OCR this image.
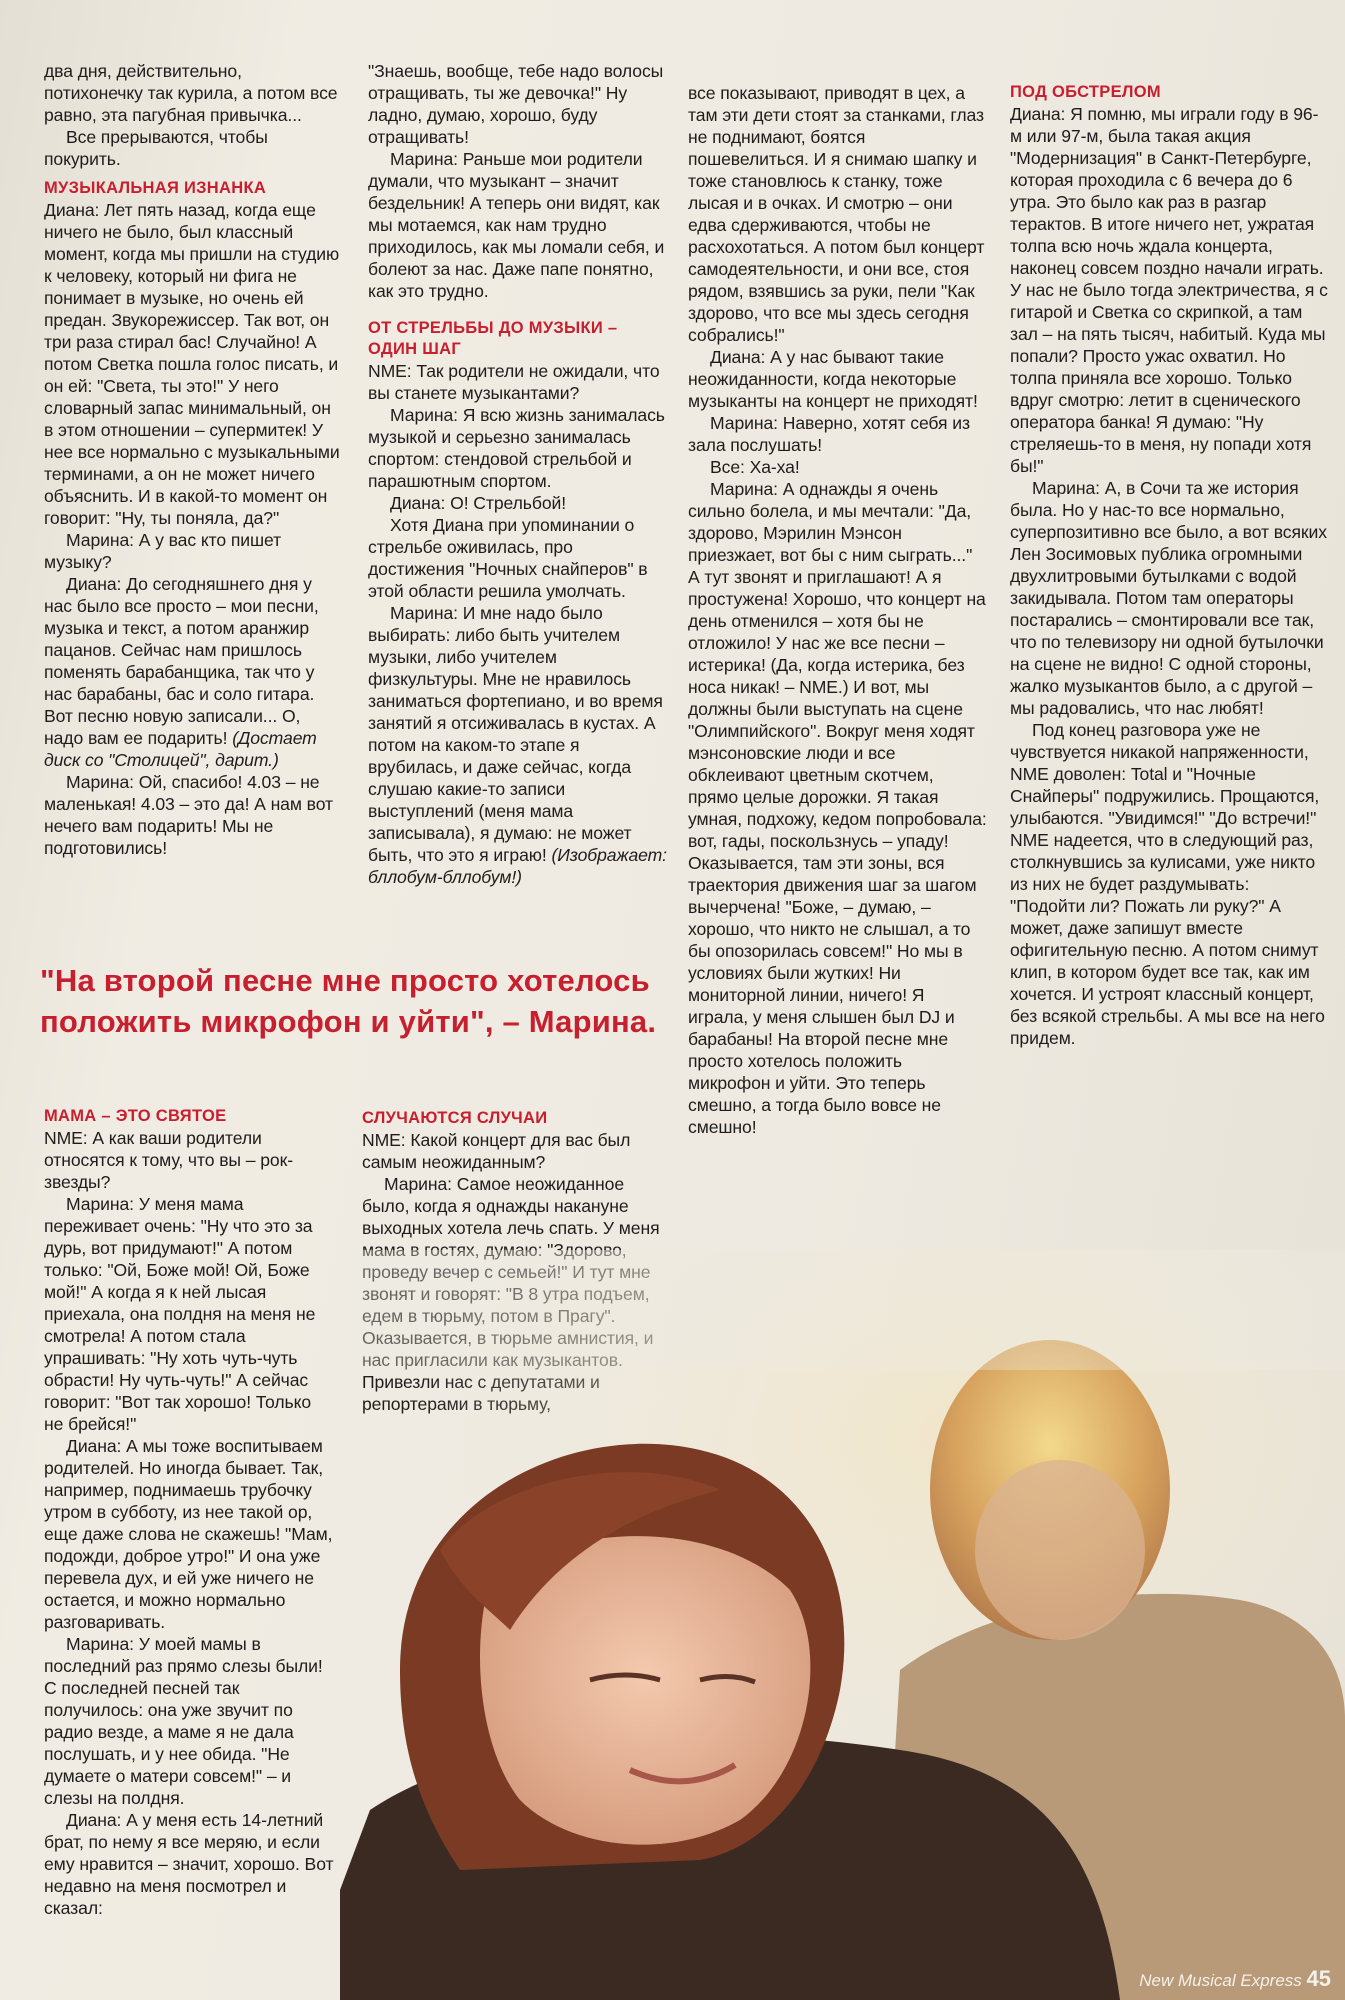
два дня, действительно, потихонечку так курила, а потом все равно, эта пагубная привычка...

Все прерываются, чтобы покурить.

МУЗЫКАЛЬНАЯ ИЗНАНКА

Диана: Лет пять назад, когда еще ничего не было, был классный момент, когда мы пришли на студию к человеку, который ни фига не понимает в музыке, но очень ей предан. Звукорежиссер. Так вот, он три раза стирал бас! Случайно! А потом Светка пошла голос писать, и он ей: "Света, ты это!" У него словарный запас минимальный, он в этом отношении – супермитек! У нее все нормально с музыкальными терминами, а он не может ничего объяснить. И в какой-то момент он говорит: "Ну, ты поняла, да?"

Марина: А у вас кто пишет музыку?

Диана: До сегодняшнего дня у нас было все просто – мои песни, музыка и текст, а потом аранжир пацанов. Сейчас нам пришлось поменять барабанщика, так что у нас барабаны, бас и соло гитара. Вот песню новую записали... О, надо вам ее подарить! (Достает диск со "Столицей", дарит.)

Марина: Ой, спасибо! 4.03 – не маленькая! 4.03 – это да! А нам вот нечего вам подарить! Мы не подготовились!

"Знаешь, вообще, тебе надо волосы отращивать, ты же девочка!" Ну ладно, думаю, хорошо, буду отращивать!

Марина: Раньше мои родители думали, что музыкант – значит бездельник! А теперь они видят, как мы мотаемся, как нам трудно приходилось, как мы ломали себя, и болеют за нас. Даже папе понятно, как это трудно.

ОТ СТРЕЛЬБЫ ДО МУЗЫКИ – ОДИН ШАГ

NME: Так родители не ожидали, что вы станете музыкантами?

Марина: Я всю жизнь занималась музыкой и серьезно занималась спортом: стендовой стрельбой и парашютным спортом.

Диана: О! Стрельбой!

Хотя Диана при упоминании о стрельбе оживилась, про достижения "Ночных снайперов" в этой области решила умолчать.

Марина: И мне надо было выбирать: либо быть учителем музыки, либо учителем физкультуры. Мне не нравилось заниматься фортепиано, и во время занятий я отсиживалась в кустах. А потом на каком-то этапе я врубилась, и даже сейчас, когда слушаю какие-то записи выступлений (меня мама записывала), я думаю: не может быть, что это я играю! (Изображает: бллобум-бллобум!)

все показывают, приводят в цех, а там эти дети стоят за станками, глаз не поднимают, боятся пошевелиться. И я снимаю шапку и тоже становлюсь к станку, тоже лысая и в очках. И смотрю – они едва сдерживаются, чтобы не расхохотаться. А потом был концерт самодеятельности, и они все, стоя рядом, взявшись за руки, пели "Как здорово, что все мы здесь сегодня собрались!"

Диана: А у нас бывают такие неожиданности, когда некоторые музыканты на концерт не приходят!

Марина: Наверно, хотят себя из зала послушать!

Все: Ха-ха!

Марина: А однажды я очень сильно болела, и мы мечтали: "Да, здорово, Мэрилин Мэнсон приезжает, вот бы с ним сыграть..." А тут звонят и приглашают! А я простужена! Хорошо, что концерт на день отменился – хотя бы не отложило! У нас же все песни – истерика! (Да, когда истерика, без носа никак! – NME.) И вот, мы должны были выступать на сцене "Олимпийского". Вокруг меня ходят мэнсоновские люди и все обклеивают цветным скотчем, прямо целые дорожки. Я такая умная, подхожу, кедом попробовала: вот, гады, поскользнусь – упаду! Оказывается, там эти зоны, вся траектория движения шаг за шагом вычерчена! "Боже, – думаю, – хорошо, что никто не слышал, а то бы опозорилась совсем!" Но мы в условиях были жутких! Ни мониторной линии, ничего! Я играла, у меня слышен был DJ и барабаны! На второй песне мне просто хотелось положить микрофон и уйти. Это теперь смешно, а тогда было вовсе не смешно!

ПОД ОБСТРЕЛОМ

Диана: Я помню, мы играли году в 96-м или 97-м, была такая акция "Модернизация" в Санкт-Петербурге, которая проходила с 6 вечера до 6 утра. Это было как раз в разгар терактов. В итоге ничего нет, ужратая толпа всю ночь ждала концерта, наконец совсем поздно начали играть. У нас не было тогда электричества, я с гитарой и Светка со скрипкой, а там зал – на пять тысяч, набитый. Куда мы попали? Просто ужас охватил. Но толпа приняла все хорошо. Только вдруг смотрю: летит в сценического оператора банка! Я думаю: "Ну стреляешь-то в меня, ну попади хотя бы!"

Марина: А, в Сочи та же история была. Но у нас-то все нормально, суперпозитивно все было, а вот всяких Лен Зосимовых публика огромными двухлитровыми бутылками с водой закидывала. Потом там операторы постарались – смонтировали все так, что по телевизору ни одной бутылочки на сцене не видно! С одной стороны, жалко музыкантов было, а с другой – мы радовались, что нас любят!

Под конец разговора уже не чувствуется никакой напряженности, NME доволен: Total и "Ночные Снайперы" подружились. Прощаются, улыбаются. "Увидимся!" "До встречи!" NME надеется, что в следующий раз, столкнувшись за кулисами, уже никто из них не будет раздумывать: "Подойти ли? Пожать ли руку?" А может, даже запишут вместе офигительную песню. А потом снимут клип, в котором будет все так, как им хочется. И устроят классный концерт, без всякой стрельбы. А мы все на него придем.

"На второй песне мне просто хотелось положить микрофон и уйти", – Марина.
МАМА – ЭТО СВЯТОЕ

NME: А как ваши родители относятся к тому, что вы – рок-звезды?

Марина: У меня мама переживает очень: "Ну что это за дурь, вот придумают!" А потом только: "Ой, Боже мой! Ой, Боже мой!" А когда я к ней лысая приехала, она полдня на меня не смотрела! А потом стала упрашивать: "Ну хоть чуть-чуть обрасти! Ну чуть-чуть!" А сейчас говорит: "Вот так хорошо! Только не брейся!"

Диана: А мы тоже воспитываем родителей. Но иногда бывает. Так, например, поднимаешь трубочку утром в субботу, из нее такой ор, еще даже слова не скажешь! "Мам, подожди, доброе утро!" И она уже перевела дух, и ей уже ничего не остается, и можно нормально разговаривать.

Марина: У моей мамы в последний раз прямо слезы были! С последней песней так получилось: она уже звучит по радио везде, а маме я не дала послушать, и у нее обида. "Не думаете о матери совсем!" – и слезы на полдня.

Диана: А у меня есть 14-летний брат, по нему я все меряю, и если ему нравится – значит, хорошо. Вот недавно на меня посмотрел и сказал:

СЛУЧАЮТСЯ СЛУЧАИ

NME: Какой концерт для вас был самым неожиданным?

Марина: Самое неожиданное было, когда я однажды накануне выходных хотела лечь спать. У меня

New Musical Express 45
